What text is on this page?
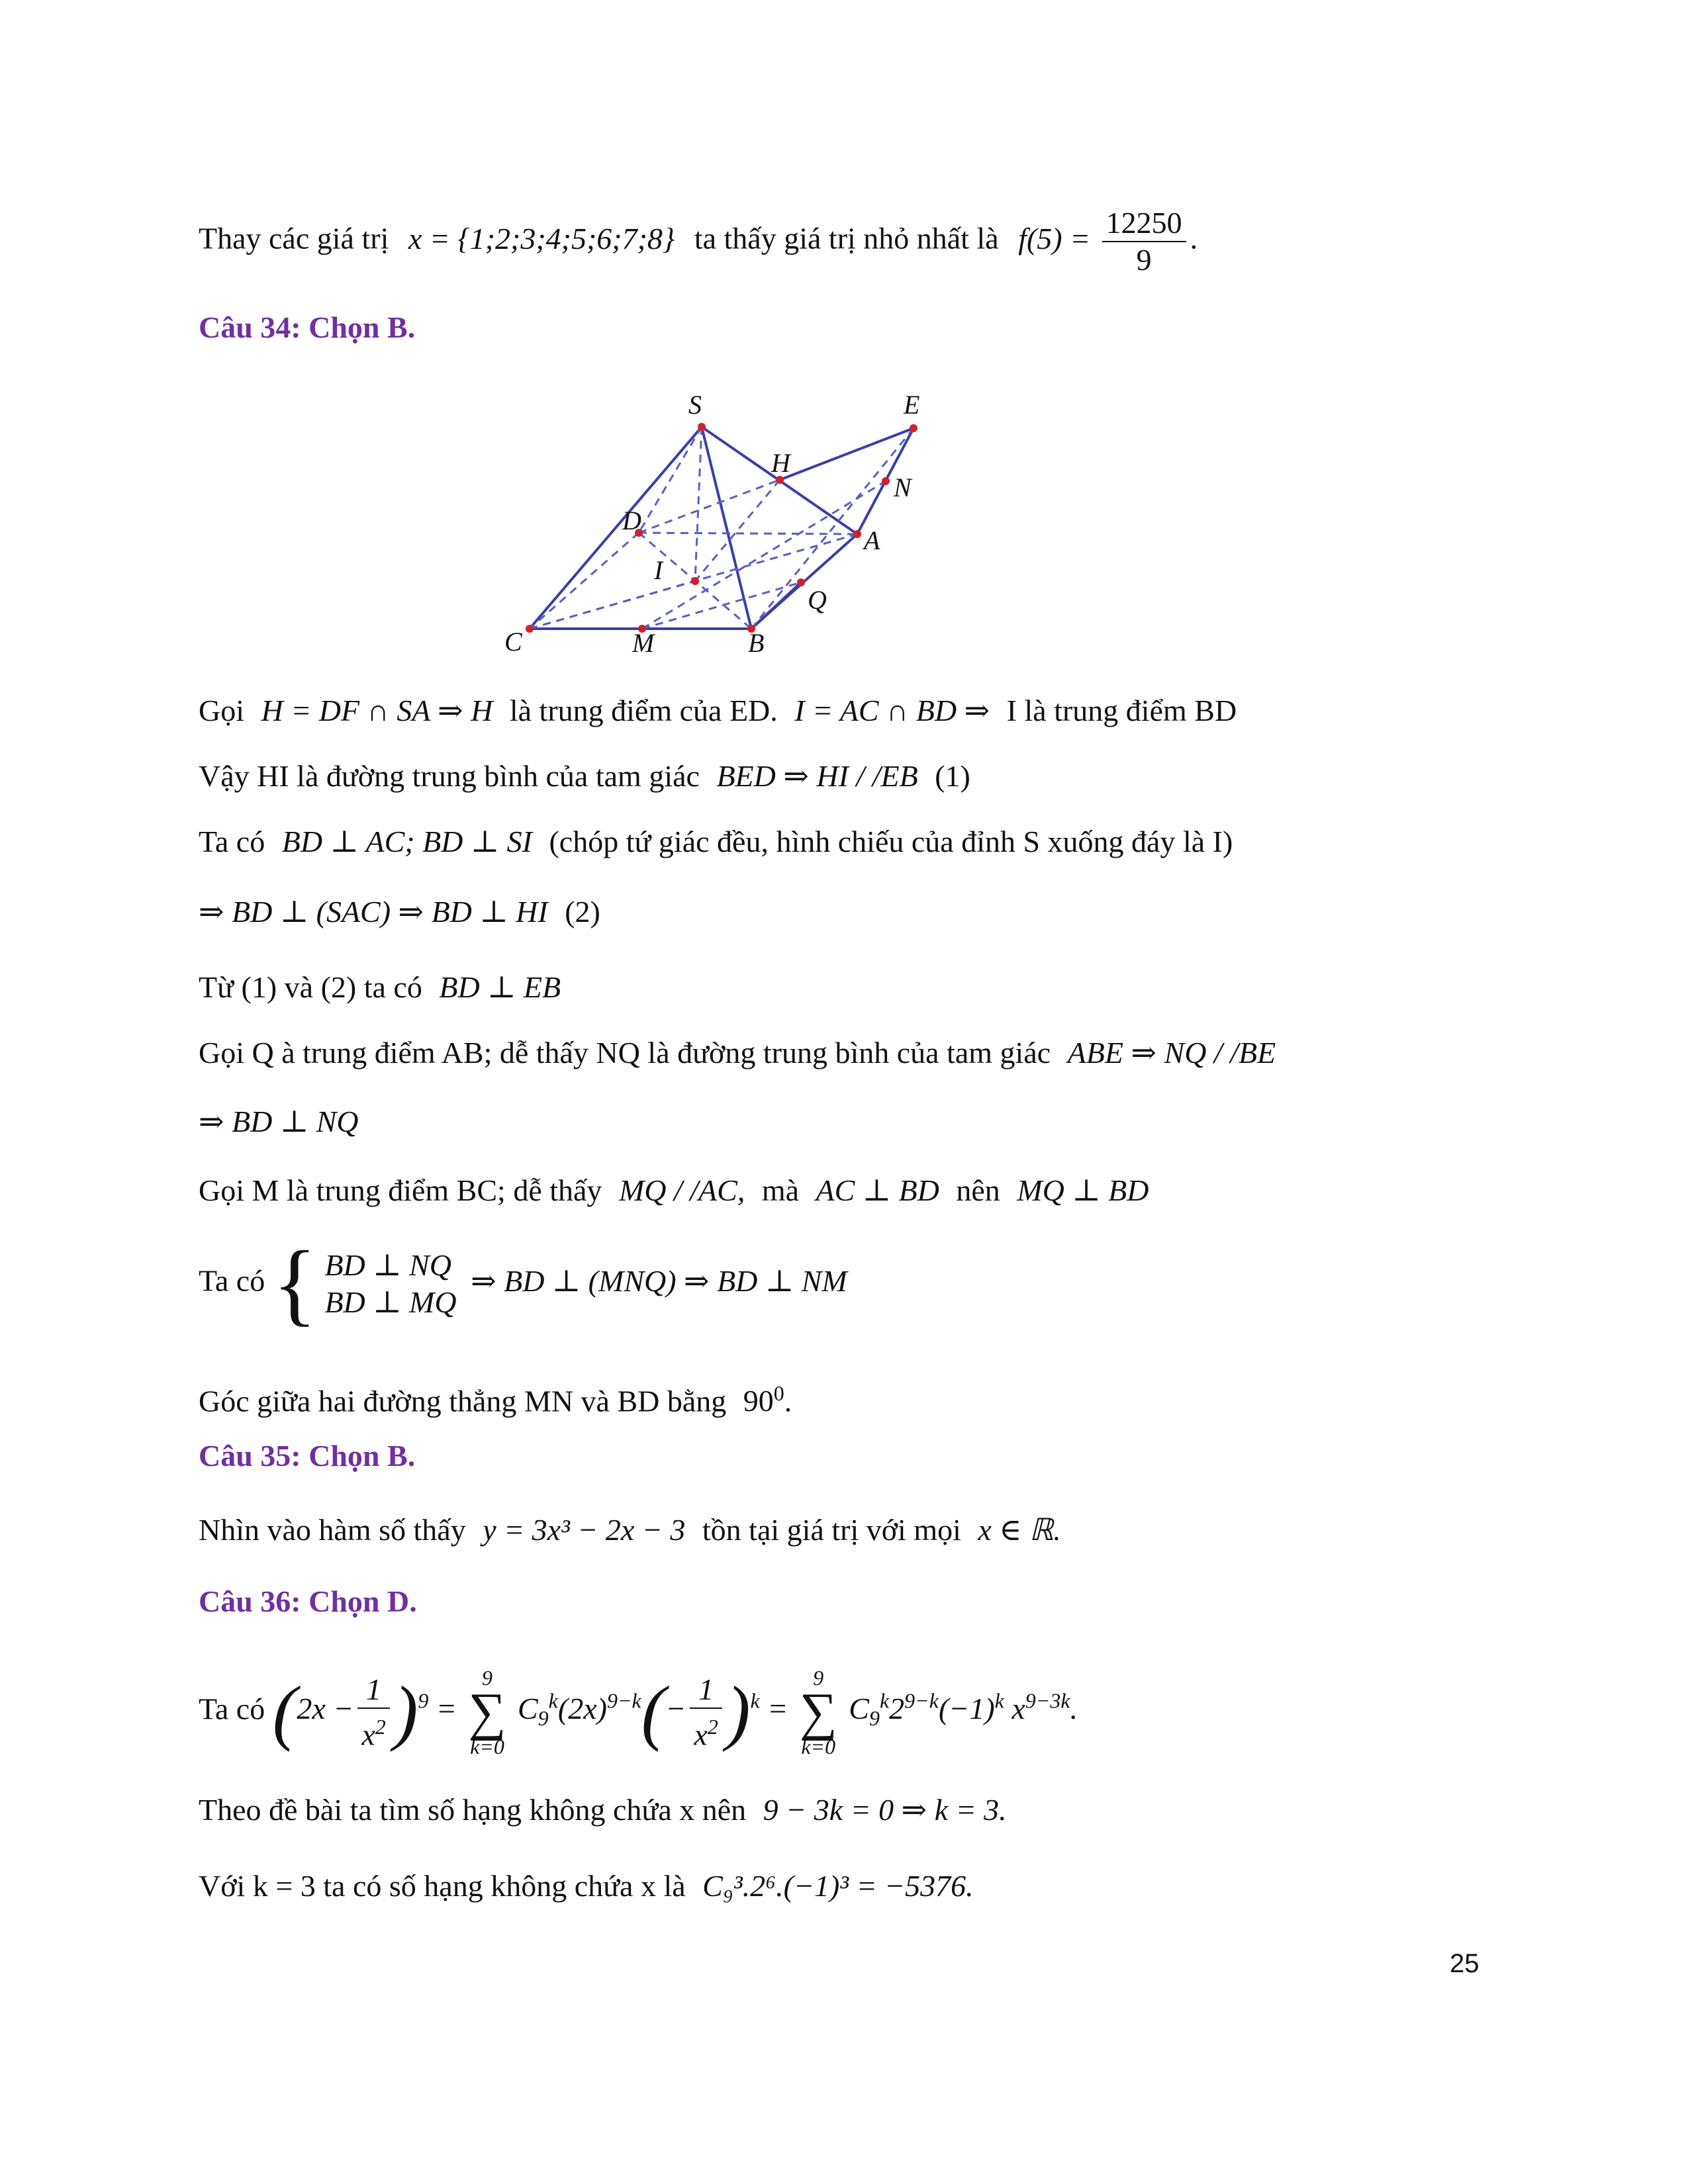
Thay các giá trị x = {1;2;3;4;5;6;7;8} ta thấy giá trị nhỏ nhất là $f(5) = \frac{12250}{9}$ .
Câu 34: Chọn B.
S	E
H
N
D
A
I
Q
C	M	B
Gọi H = DF ∩ SA ⇒ H là trung điểm của ED. I = AC ∩ BD ⇒ I là trung điểm BD
Vậy HI là đường trung bình của tam giác BED ⇒ HI / /EB (1)
Ta có BD ⊥ AC; BD ⊥ SI (chóp tứ giác đều, hình chiếu của đỉnh S xuống đáy là I)
⇒ BD ⊥ (SAC) ⇒ BD ⊥ HI (2)
Từ (1) và (2) ta có BD ⊥ EB
Gọi Q à trung điểm AB; dễ thấy NQ là đường trung bình của tam giác ABE ⇒ NQ / /BE
⇒ BD ⊥ NQ
Gọi M là trung điểm BC; dễ thấy MQ / /AC, mà AC ⊥ BD nên MQ ⊥ BD
Ta có { BD ⊥ NQ
BD ⊥ MQ
⇒ BD ⊥ (MNQ) ⇒ BD ⊥ NM
Góc giữa hai đường thẳng MN và BD bằng $90^0$.
Câu 35: Chọn B.
Nhìn vào hàm số thấy y = 3x³ − 2x − 3 tồn tại giá trị với mọi x ∈ ℝ.
Câu 36: Chọn D.
Ta có $(2x - \frac{1}{x^2} )^9$ =
9
∑
k=0
$C_9^k(2x)^{9-k}(- \frac{1}{x^2} )^k$ =
9
∑
k=0
$C_9^k2^{9-k}(-1)^k$ $x^{9-3k}$.
Theo đề bài ta tìm số hạng không chứa x nên 9 − 3k = 0 ⇒ k = 3.
Với k = 3 ta có số hạng không chứa x là C₉³.2⁶.(−1)³ = −5376.
25
